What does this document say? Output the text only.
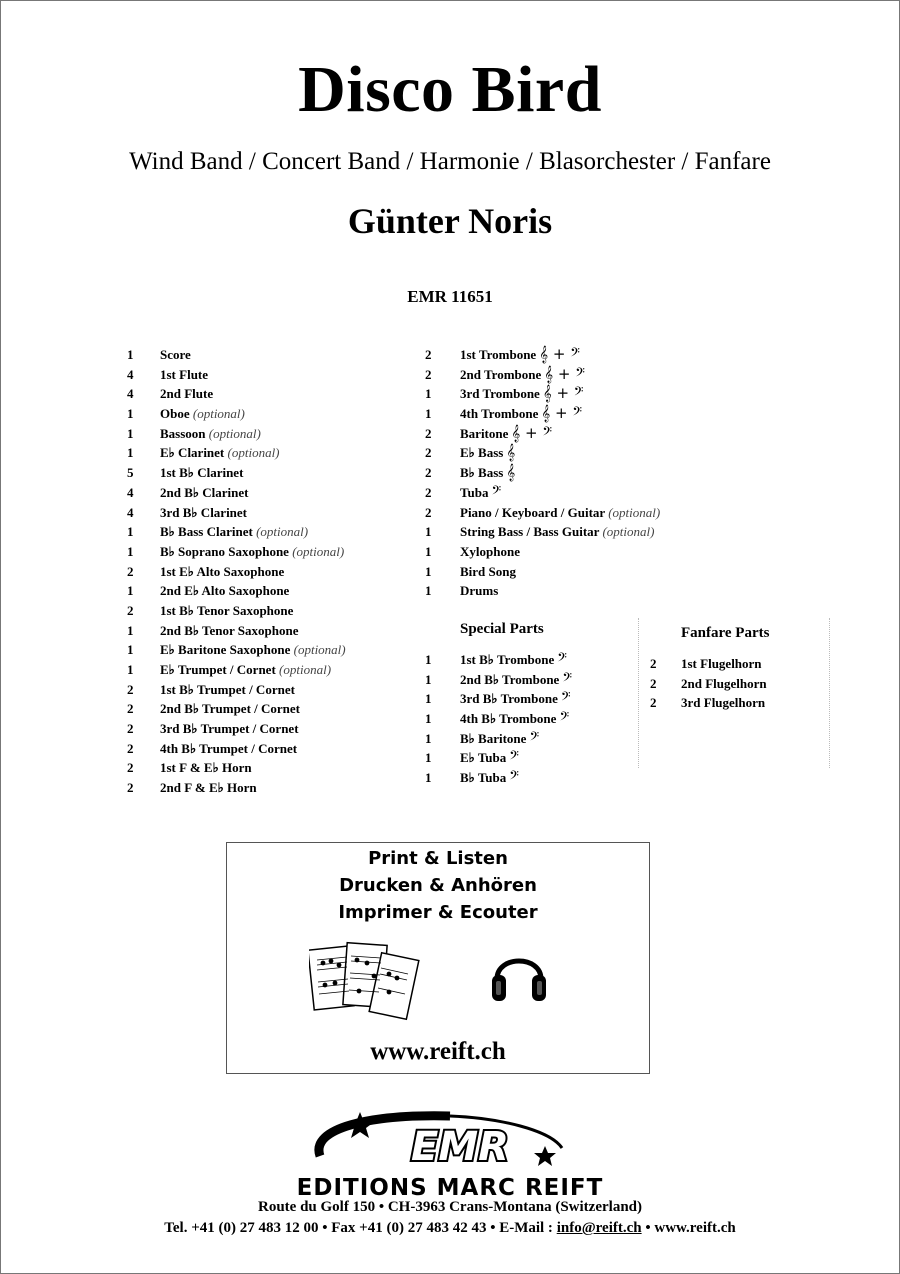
Disco Bird
Wind Band / Concert Band / Harmonie / Blasorchester / Fanfare
Günter Noris
EMR 11651
1	Score
4	1st Flute
4	2nd Flute
1	Oboe (optional)
1	Bassoon (optional)
1	E♭ Clarinet (optional)
5	1st B♭ Clarinet
4	2nd B♭ Clarinet
4	3rd B♭ Clarinet
1	B♭ Bass Clarinet (optional)
1	B♭ Soprano Saxophone (optional)
2	1st E♭ Alto Saxophone
1	2nd E♭ Alto Saxophone
2	1st B♭ Tenor Saxophone
1	2nd B♭ Tenor Saxophone
1	E♭ Baritone Saxophone (optional)
1	E♭ Trumpet / Cornet (optional)
2	1st B♭ Trumpet / Cornet
2	2nd B♭ Trumpet / Cornet
2	3rd B♭ Trumpet / Cornet
2	4th B♭ Trumpet / Cornet
2	1st F & E♭ Horn
2	2nd F & E♭ Horn
2	1st Trombone 𝄞 + 𝄢
2	2nd Trombone 𝄞 + 𝄢
1	3rd Trombone 𝄞 + 𝄢
1	4th Trombone 𝄞 + 𝄢
2	Baritone 𝄞 + 𝄢
2	E♭ Bass 𝄞
2	B♭ Bass 𝄞
2	Tuba 𝄢
2	Piano / Keyboard / Guitar (optional)
1	String Bass / Bass Guitar (optional)
1	Xylophone
1	Bird Song
1	Drums
Special Parts
1	1st B♭ Trombone 𝄢
1	2nd B♭ Trombone 𝄢
1	3rd B♭ Trombone 𝄢
1	4th B♭ Trombone 𝄢
1	B♭ Baritone 𝄢
1	E♭ Tuba 𝄢
1	B♭ Tuba 𝄢
Fanfare Parts
2	1st Flugelhorn
2	2nd Flugelhorn
2	3rd Flugelhorn
Print & Listen
Drucken & Anhören
Imprimer & Ecouter
www.reift.ch
EMR
EDITIONS MARC REIFT
Route du Golf 150 • CH-3963 Crans-Montana (Switzerland)
Tel. +41 (0) 27 483 12 00 • Fax +41 (0) 27 483 42 43 • E-Mail : info@reift.ch • www.reift.ch
